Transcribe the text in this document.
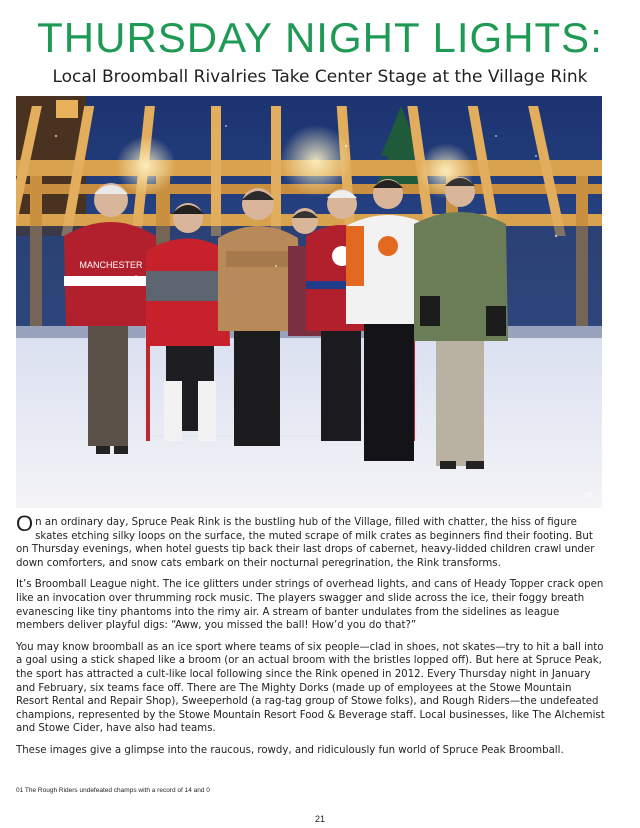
THURSDAY NIGHT LIGHTS:
Local Broomball Rivalries Take Center Stage at the Village Rink
MANCHESTER
01

On an ordinary day, Spruce Peak Rink is the bustling hub of the Village, filled with chatter, the hiss of figure skates etching silky loops on the surface, the muted scrape of milk crates as beginners find their footing. But on Thursday evenings, when hotel guests tip back their last drops of cabernet, heavy-lidded children crawl under down comforters, and snow cats embark on their nocturnal peregrination, the Rink transforms.

It’s Broomball League night. The ice glitters under strings of overhead lights, and cans of Heady Topper crack open like an invocation over thrumming rock music. The players swagger and slide across the ice, their foggy breath evanescing like tiny phantoms into the rimy air. A stream of banter undulates from the sidelines as league members deliver playful digs: “Aww, you missed the ball! How’d you do that?”

You may know broomball as an ice sport where teams of six people—clad in shoes, not skates—try to hit a ball into a goal using a stick shaped like a broom (or an actual broom with the bristles lopped off). But here at Spruce Peak, the sport has attracted a cult-like local following since the Rink opened in 2012. Every Thursday night in January and February, six teams face off. There are The Mighty Dorks (made up of employees at the Stowe Mountain Resort Rental and Repair Shop), Sweeperhold (a rag-tag group of Stowe folks), and Rough Riders—the undefeated champions, represented by the Stowe Mountain Resort Food & Beverage staff. Local businesses, like The Alchemist and Stowe Cider, have also had teams.

These images give a glimpse into the raucous, rowdy, and ridiculously fun world of Spruce Peak Broomball.

01 The Rough Riders undefeated champs with a record of 14 and 0
21
